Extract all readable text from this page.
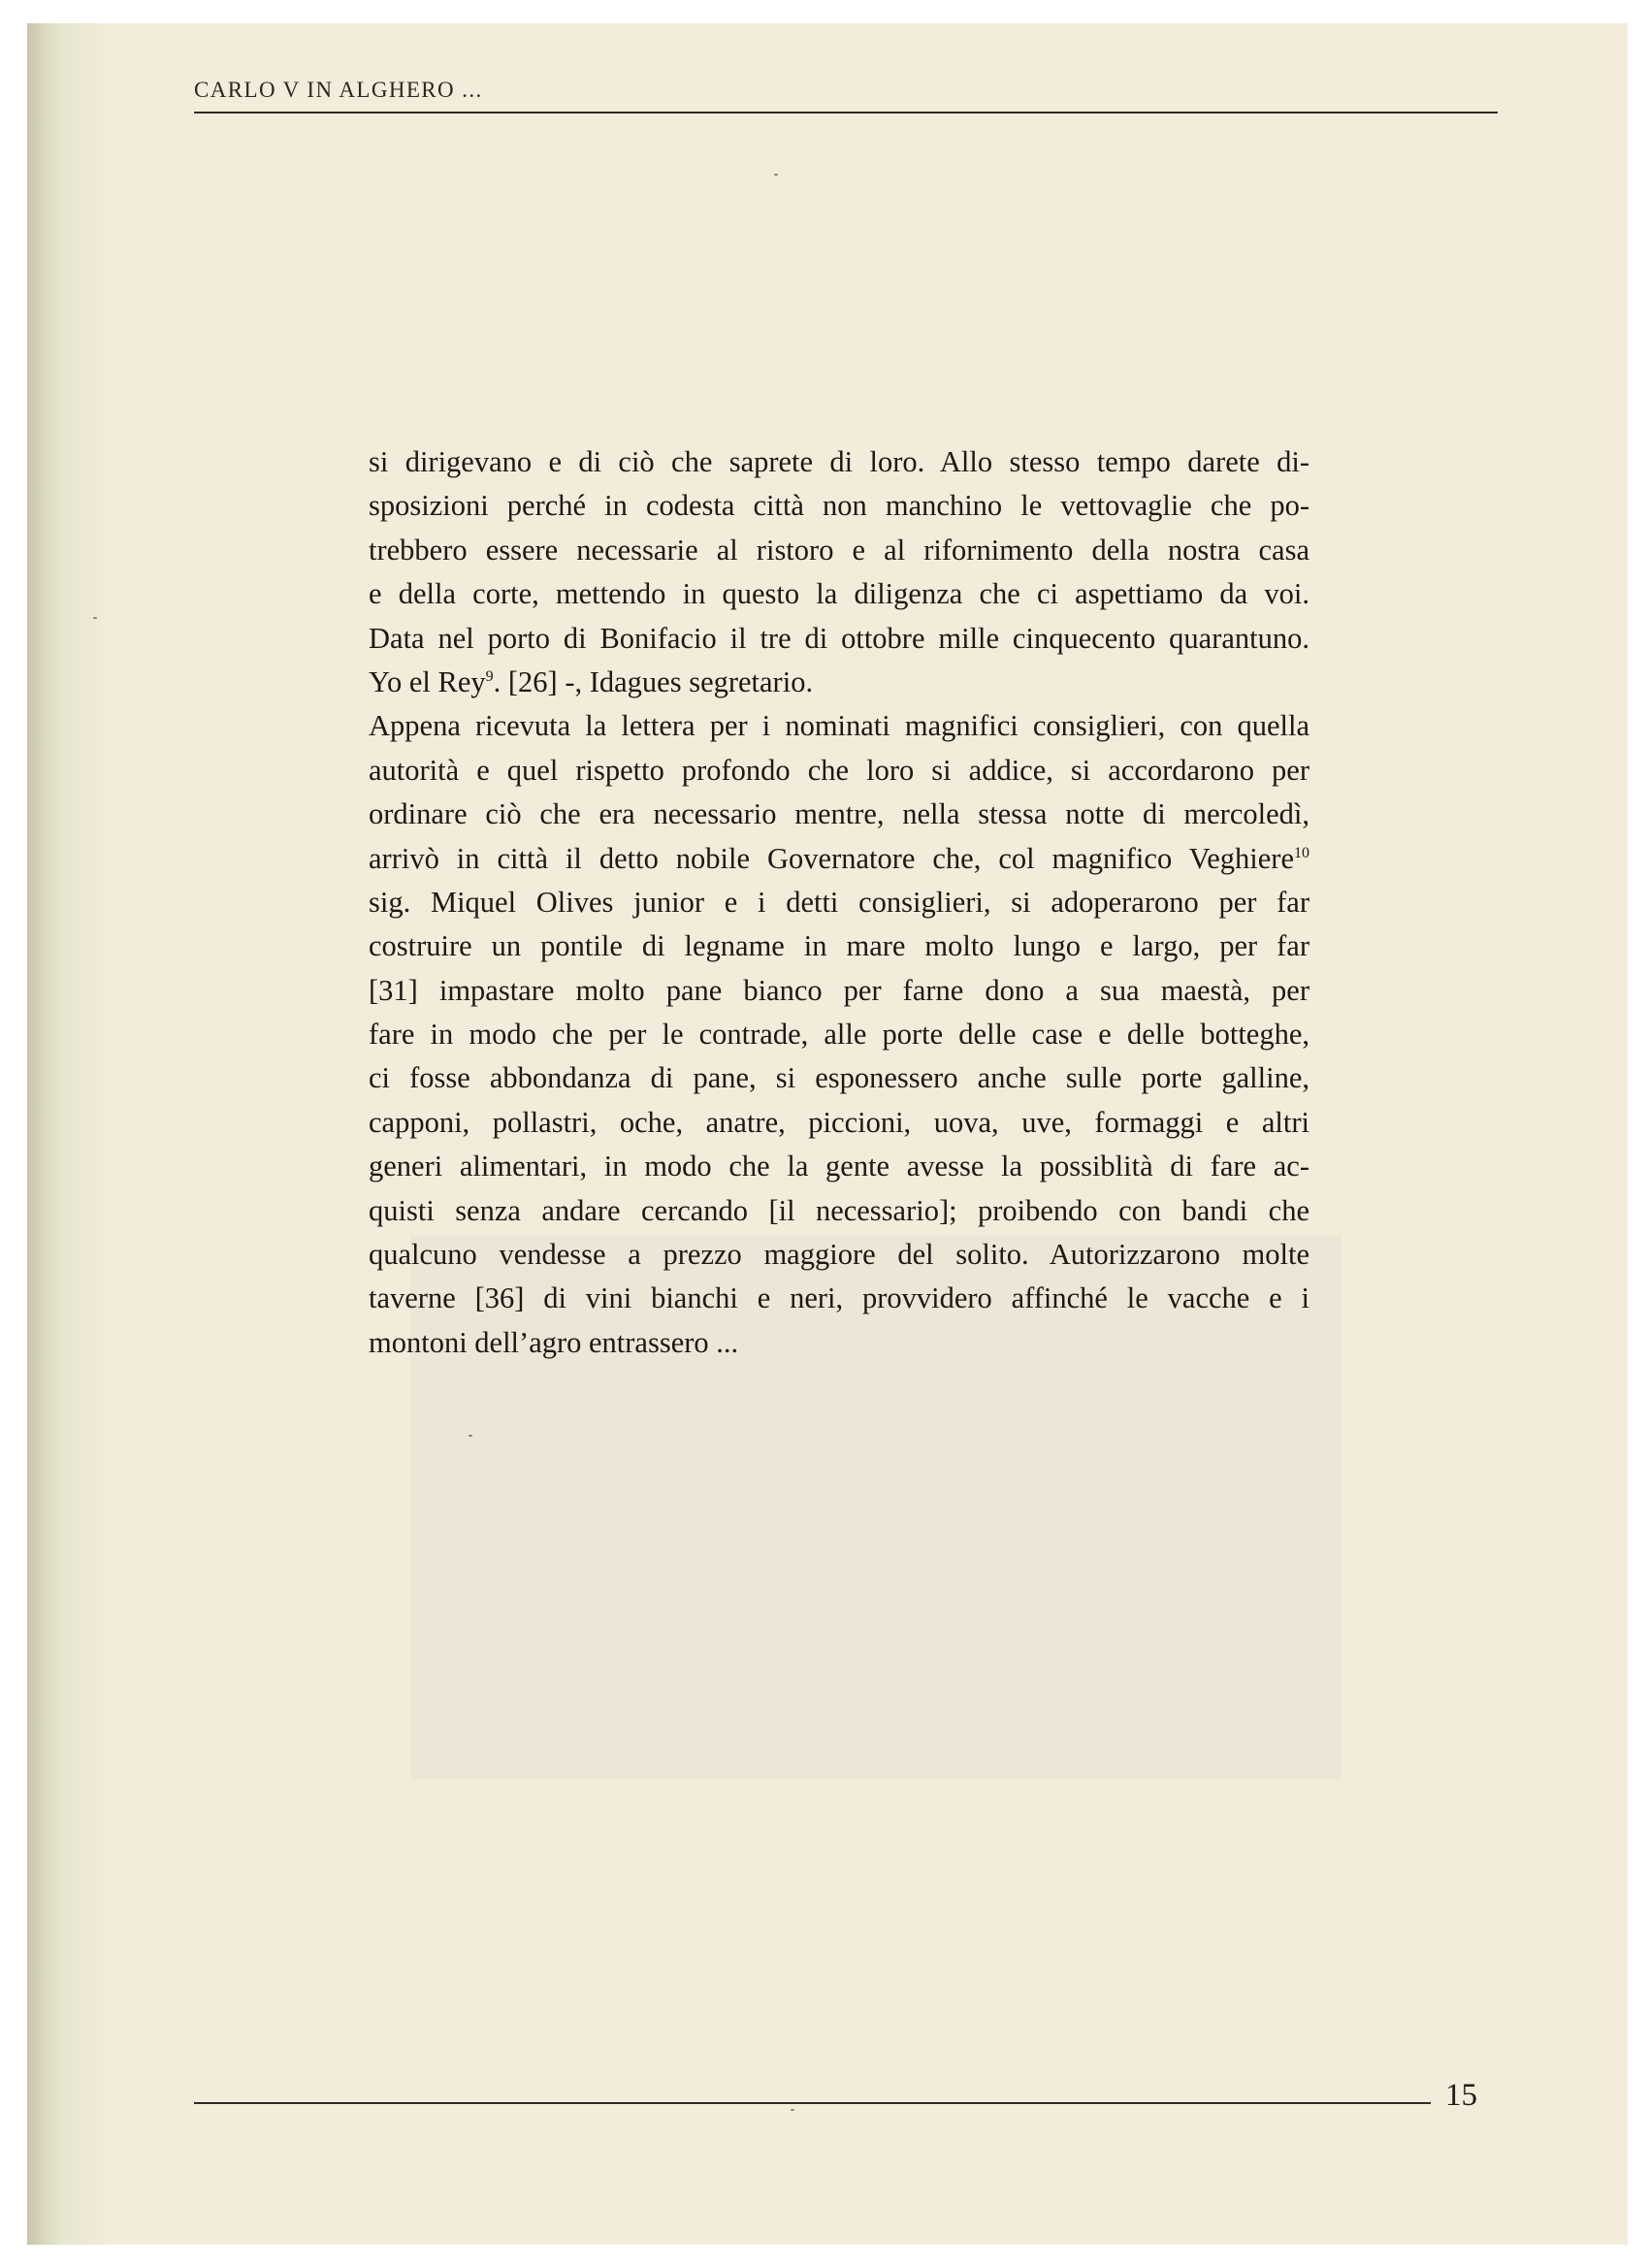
CARLO V IN ALGHERO ...
si dirigevano e di ciò che saprete di loro. Allo stesso tempo darete di-
sposizioni perché in codesta città non manchino le vettovaglie che po-
trebbero essere necessarie al ristoro e al rifornimento della nostra casa
e della corte, mettendo in questo la diligenza che ci aspettiamo da voi.
Data nel porto di Bonifacio il tre di ottobre mille cinquecento quarantuno.
Yo el Rey$^9$. [26] -, Idagues segretario.
Appena ricevuta la lettera per i nominati magnifici consiglieri, con quella
autorità e quel rispetto profondo che loro si addice, si accordarono per
ordinare ciò che era necessario mentre, nella stessa notte di mercoledì,
arrivò in città il detto nobile Governatore che, col magnifico Veghiere$^{10}$
sig. Miquel Olives junior e i detti consiglieri, si adoperarono per far
costruire un pontile di legname in mare molto lungo e largo, per far
[31] impastare molto pane bianco per farne dono a sua maestà, per
fare in modo che per le contrade, alle porte delle case e delle botteghe,
ci fosse abbondanza di pane, si esponessero anche sulle porte galline,
capponi, pollastri, oche, anatre, piccioni, uova, uve, formaggi e altri
generi alimentari, in modo che la gente avesse la possiblità di fare ac-
quisti senza andare cercando [il necessario]; proibendo con bandi che
qualcuno vendesse a prezzo maggiore del solito. Autorizzarono molte
taverne [36] di vini bianchi e neri, provvidero affinché le vacche e i
montoni dell’agro entrassero ...
15
